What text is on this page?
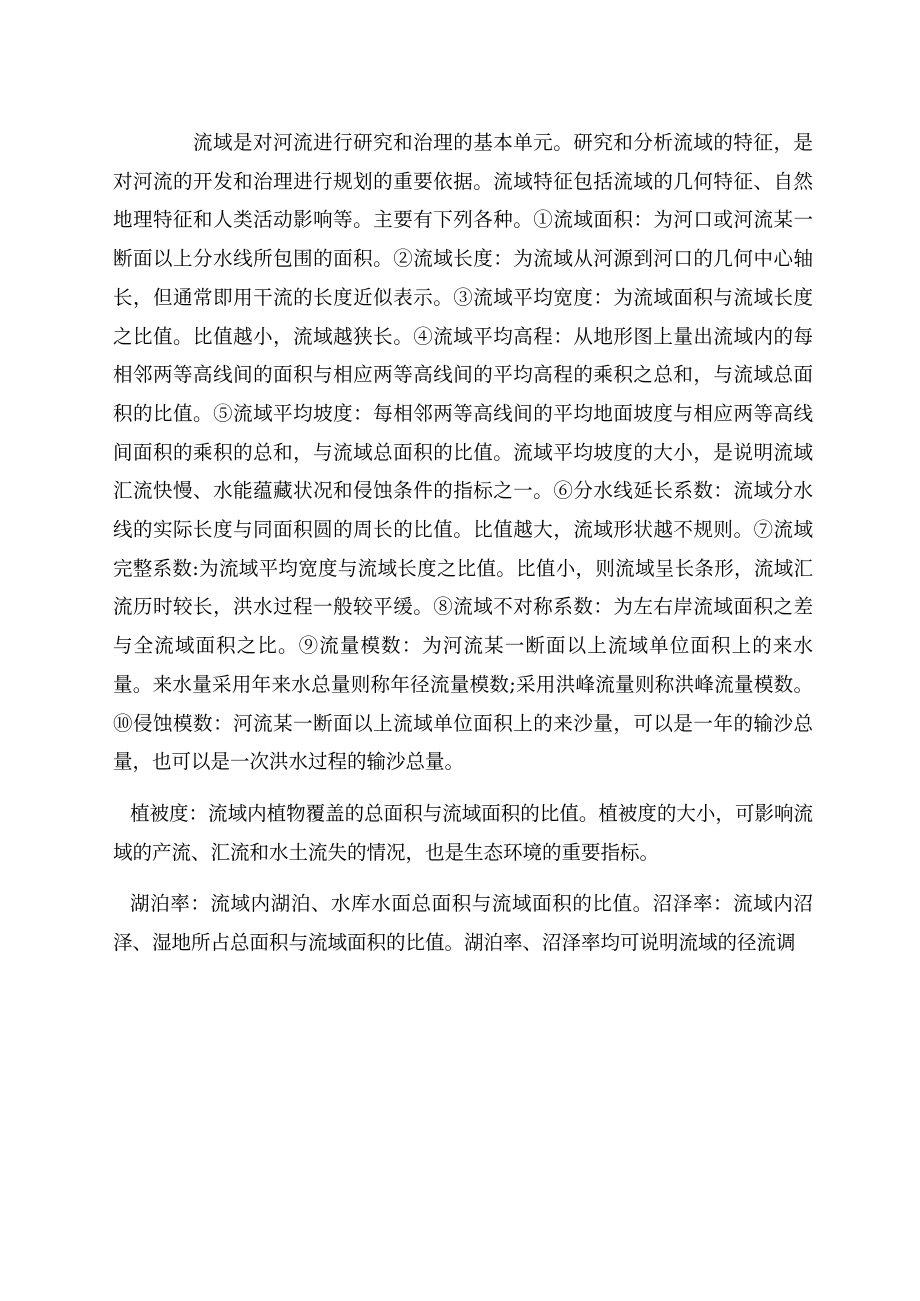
流域是对河流进行研究和治理的基本单元。研究和分析流域的特征，是对河流的开发和治理进行规划的重要依据。流域特征包括流域的几何特征、自然地理特征和人类活动影响等。主要有下列各种。①流域面积：为河口或河流某一断面以上分水线所包围的面积。②流域长度：为流域从河源到河口的几何中心轴长，但通常即用干流的长度近似表示。③流域平均宽度：为流域面积与流域长度之比值。比值越小，流域越狭长。④流域平均高程：从地形图上量出流域内的每相邻两等高线间的面积与相应两等高线间的平均高程的乘积之总和，与流域总面积的比值。⑤流域平均坡度：每相邻两等高线间的平均地面坡度与相应两等高线间面积的乘积的总和，与流域总面积的比值。流域平均坡度的大小，是说明流域汇流快慢、水能蕴藏状况和侵蚀条件的指标之一。⑥分水线延长系数：流域分水线的实际长度与同面积圆的周长的比值。比值越大，流域形状越不规则。⑦流域完整系数:为流域平均宽度与流域长度之比值。比值小，则流域呈长条形，流域汇流历时较长，洪水过程一般较平缓。⑧流域不对称系数：为左右岸流域面积之差与全流域面积之比。⑨流量模数：为河流某一断面以上流域单位面积上的来水量。来水量采用年来水总量则称年径流量模数;采用洪峰流量则称洪峰流量模数。⑩侵蚀模数：河流某一断面以上流域单位面积上的来沙量，可以是一年的输沙总量，也可以是一次洪水过程的输沙总量。

植被度：流域内植物覆盖的总面积与流域面积的比值。植被度的大小，可影响流域的产流、汇流和水土流失的情况，也是生态环境的重要指标。

湖泊率：流域内湖泊、水库水面总面积与流域面积的比值。沼泽率：流域内沼泽、湿地所占总面积与流域面积的比值。湖泊率、沼泽率均可说明流域的径流调
